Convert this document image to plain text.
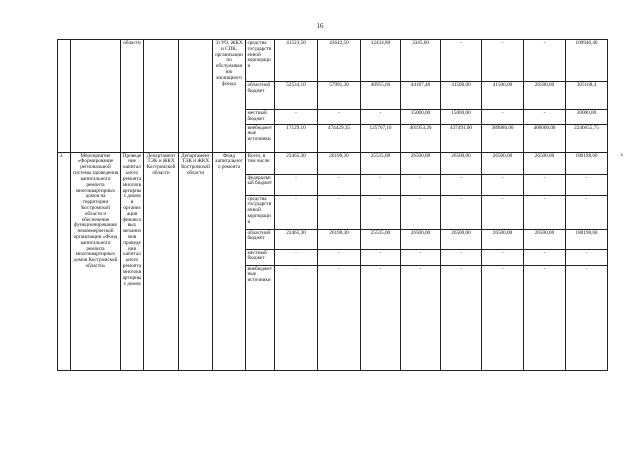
16
		области			3) УО, ЖКХ и СПК, организации по обслуживанию жилищного фонда	средства государственной корпорации	41523,50	43642,50	12434,80	3345,60	-	-	-	100946,40	
						областной бюджет	52534,10	57991,30	40955,60	44187,40	41500,00	41500,00	26500,00	305168,4	
						местный бюджет	-	-	-	15000,00	15000,00	-	-	30000,00	
						внебюджетные источники	17129,10	474429,35	125767,10	401953,20	437491,00	389886,00	400000,00	2246655,75	
3.	Мероприятие «Формирование региональной системы проведения капитального ремонта многоквартирных домов на территории Костромской области и обеспечение функционирования некоммерческой организации «Фонд капитального ремонта многоквартирных домов Костромской области»	Проведение капитального ремонта многоквартирных домов и организация финансовых механизмов проведения капитального ремонта многоквартирных домов	Департамент ТЭК и ЖКХ Костромской области	Департамент ТЭК и ЖКХ Костромской области	Фонд капитального ремонта	Всего, в том числе:	22465,30	26198,30	25535,00	26500,00	26500,00	26500,00	26500,00	180198,60	х
						федеральный бюджет	-	-	-	-	-	-	-	-	
						средства государственной корпорации	-	-	-	-	-	-	-	-	
						областной бюджет	22465,30	26198,30	25535,00	26500,00	26500,00	26500,00	26500,00	180198,60	
						местный бюджет	-	-	-	-	-	-	-	-	
						внебюджетные источники	-	-	-	-	-	-	-	-	
